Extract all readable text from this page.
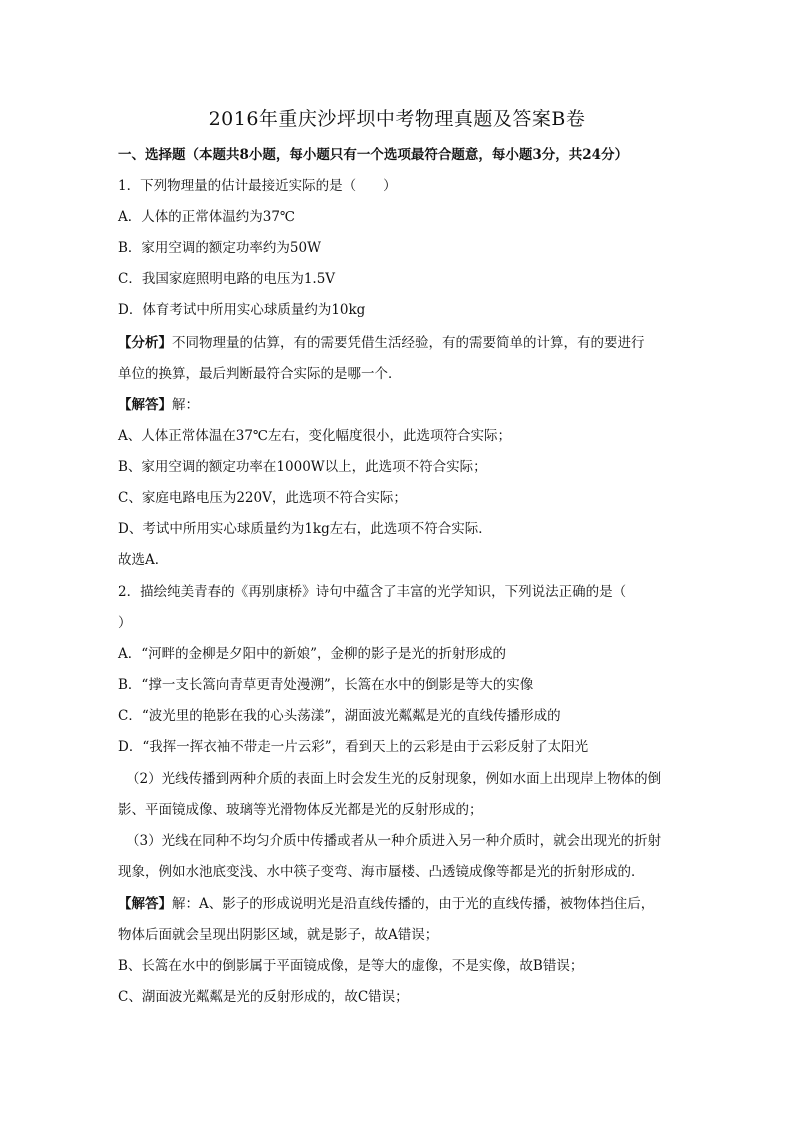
2016年重庆沙坪坝中考物理真题及答案B卷
一、选择题（本题共8小题，每小题只有一个选项最符合题意，每小题3分，共24分）
1．下列物理量的估计最接近实际的是（　　）
A．人体的正常体温约为37℃
B．家用空调的额定功率约为50W
C．我国家庭照明电路的电压为1.5V
D．体育考试中所用实心球质量约为10kg
【分析】不同物理量的估算，有的需要凭借生活经验，有的需要简单的计算，有的要进行
单位的换算，最后判断最符合实际的是哪一个．
【解答】解：
A、人体正常体温在37℃左右，变化幅度很小，此选项符合实际；
B、家用空调的额定功率在1000W以上，此选项不符合实际；
C、家庭电路电压为220V，此选项不符合实际；
D、考试中所用实心球质量约为1kg左右，此选项不符合实际．
故选A．
2．描绘纯美青春的《再别康桥》诗句中蕴含了丰富的光学知识，下列说法正确的是（
）
A．“河畔的金柳是夕阳中的新娘”，金柳的影子是光的折射形成的
B．“撑一支长篙向青草更青处漫溯”，长篙在水中的倒影是等大的实像
C．“波光里的艳影在我的心头荡漾”，湖面波光粼粼是光的直线传播形成的
D．“我挥一挥衣袖不带走一片云彩”，看到天上的云彩是由于云彩反射了太阳光
（2）光线传播到两种介质的表面上时会发生光的反射现象，例如水面上出现岸上物体的倒
影、平面镜成像、玻璃等光滑物体反光都是光的反射形成的；
（3）光线在同种不均匀介质中传播或者从一种介质进入另一种介质时，就会出现光的折射
现象，例如水池底变浅、水中筷子变弯、海市蜃楼、凸透镜成像等都是光的折射形成的．
【解答】解：A、影子的形成说明光是沿直线传播的，由于光的直线传播，被物体挡住后，
物体后面就会呈现出阴影区域，就是影子，故A错误；
B、长篙在水中的倒影属于平面镜成像，是等大的虚像，不是实像，故B错误；
C、湖面波光粼粼是光的反射形成的，故C错误；
